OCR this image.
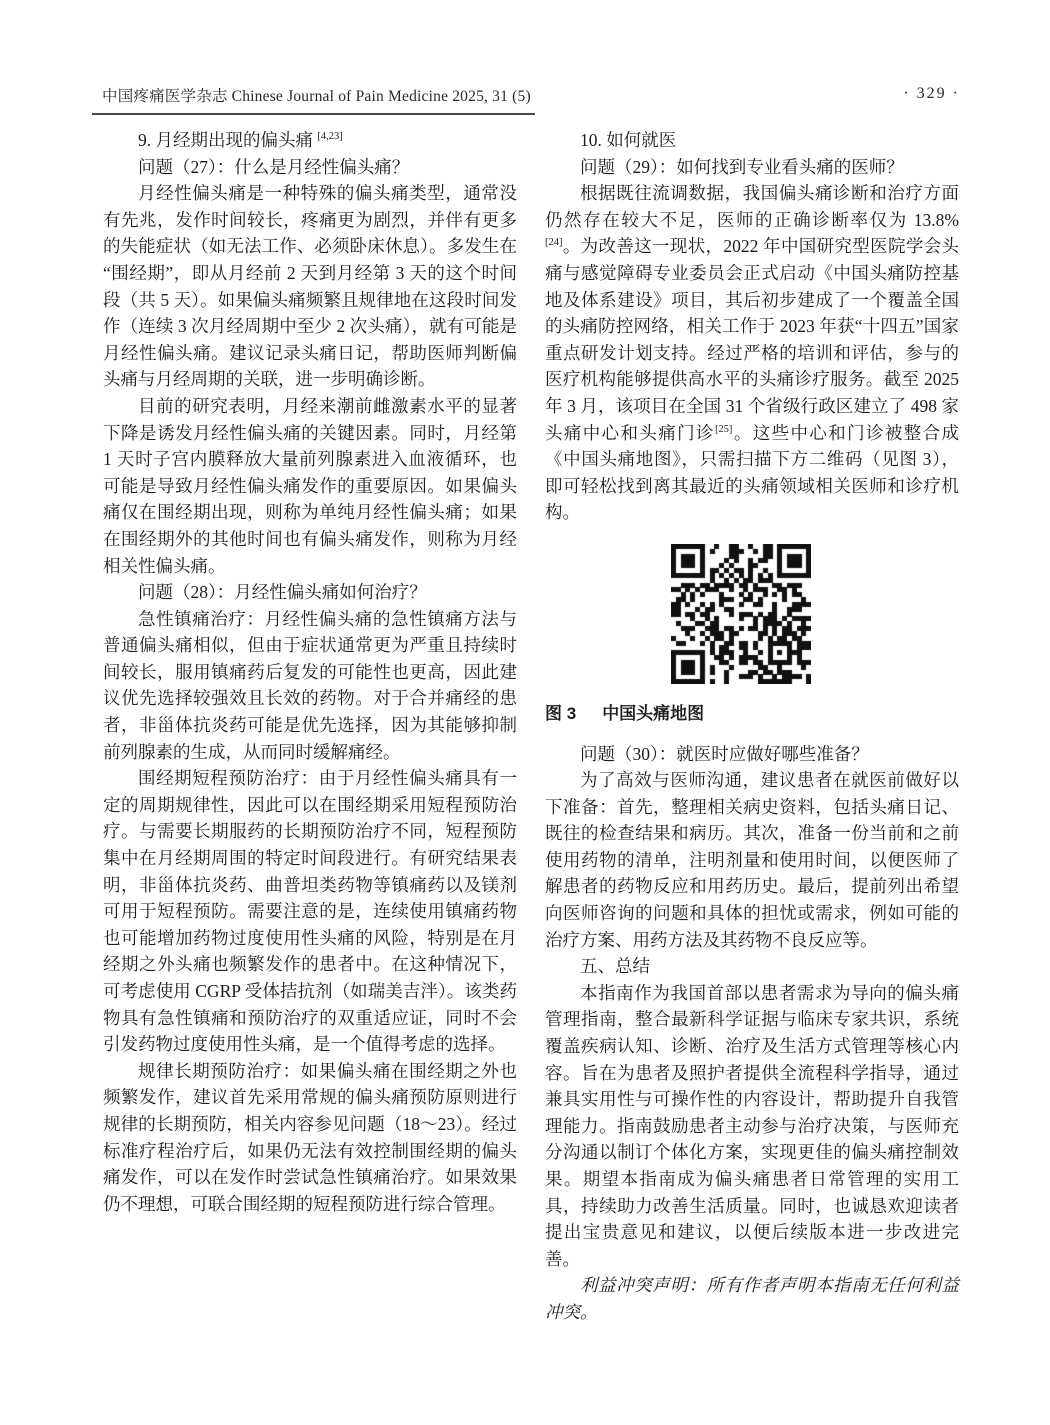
中国疼痛医学杂志 Chinese Journal of Pain Medicine 2025, 31 (5)	· 329 ·

9. 月经期出现的偏头痛 [4,23]

问题（27）：什么是月经性偏头痛？

月经性偏头痛是一种特殊的偏头痛类型，通常没有先兆，发作时间较长，疼痛更为剧烈，并伴有更多的失能症状（如无法工作、必须卧床休息）。多发生在“围经期”，即从月经前 2 天到月经第 3 天的这个时间段（共 5 天）。如果偏头痛频繁且规律地在这段时间发作（连续 3 次月经周期中至少 2 次头痛），就有可能是月经性偏头痛。建议记录头痛日记，帮助医师判断偏头痛与月经周期的关联，进一步明确诊断。

目前的研究表明，月经来潮前雌激素水平的显著下降是诱发月经性偏头痛的关键因素。同时，月经第 1 天时子宫内膜释放大量前列腺素进入血液循环，也可能是导致月经性偏头痛发作的重要原因。如果偏头痛仅在围经期出现，则称为单纯月经性偏头痛；如果在围经期外的其他时间也有偏头痛发作，则称为月经相关性偏头痛。

问题（28）：月经性偏头痛如何治疗？

急性镇痛治疗：月经性偏头痛的急性镇痛方法与普通偏头痛相似，但由于症状通常更为严重且持续时间较长，服用镇痛药后复发的可能性也更高，因此建议优先选择较强效且长效的药物。对于合并痛经的患者，非甾体抗炎药可能是优先选择，因为其能够抑制前列腺素的生成，从而同时缓解痛经。

围经期短程预防治疗：由于月经性偏头痛具有一定的周期规律性，因此可以在围经期采用短程预防治疗。与需要长期服药的长期预防治疗不同，短程预防集中在月经期周围的特定时间段进行。有研究结果表明，非甾体抗炎药、曲普坦类药物等镇痛药以及镁剂可用于短程预防。需要注意的是，连续使用镇痛药物也可能增加药物过度使用性头痛的风险，特别是在月经期之外头痛也频繁发作的患者中。在这种情况下，可考虑使用 CGRP 受体拮抗剂（如瑞美吉泮）。该类药物具有急性镇痛和预防治疗的双重适应证，同时不会引发药物过度使用性头痛，是一个值得考虑的选择。

规律长期预防治疗：如果偏头痛在围经期之外也频繁发作，建议首先采用常规的偏头痛预防原则进行规律的长期预防，相关内容参见问题（18～23）。经过标准疗程治疗后，如果仍无法有效控制围经期的偏头痛发作，可以在发作时尝试急性镇痛治疗。如果效果仍不理想，可联合围经期的短程预防进行综合管理。

10. 如何就医

问题（29）：如何找到专业看头痛的医师？

根据既往流调数据，我国偏头痛诊断和治疗方面仍然存在较大不足，医师的正确诊断率仅为 13.8% [24]。为改善这一现状，2022 年中国研究型医院学会头痛与感觉障碍专业委员会正式启动《中国头痛防控基地及体系建设》项目，其后初步建成了一个覆盖全国的头痛防控网络，相关工作于 2023 年获“十四五”国家重点研发计划支持。经过严格的培训和评估，参与的医疗机构能够提供高水平的头痛诊疗服务。截至 2025 年 3 月，该项目在全国 31 个省级行政区建立了 498 家头痛中心和头痛门诊[25]。这些中心和门诊被整合成《中国头痛地图》，只需扫描下方二维码（见图 3），即可轻松找到离其最近的头痛领域相关医师和诊疗机构。

图 3 中国头痛地图

问题（30）：就医时应做好哪些准备？

为了高效与医师沟通，建议患者在就医前做好以下准备：首先，整理相关病史资料，包括头痛日记、既往的检查结果和病历。其次，准备一份当前和之前使用药物的清单，注明剂量和使用时间，以便医师了解患者的药物反应和用药历史。最后，提前列出希望向医师咨询的问题和具体的担忧或需求，例如可能的治疗方案、用药方法及其药物不良反应等。

五、总结

本指南作为我国首部以患者需求为导向的偏头痛管理指南，整合最新科学证据与临床专家共识，系统覆盖疾病认知、诊断、治疗及生活方式管理等核心内容。旨在为患者及照护者提供全流程科学指导，通过兼具实用性与可操作性的内容设计，帮助提升自我管理能力。指南鼓励患者主动参与治疗决策，与医师充分沟通以制订个体化方案，实现更佳的偏头痛控制效果。期望本指南成为偏头痛患者日常管理的实用工具，持续助力改善生活质量。同时，也诚恳欢迎读者提出宝贵意见和建议，以便后续版本进一步改进完善。

利益冲突声明：所有作者声明本指南无任何利益冲突。
